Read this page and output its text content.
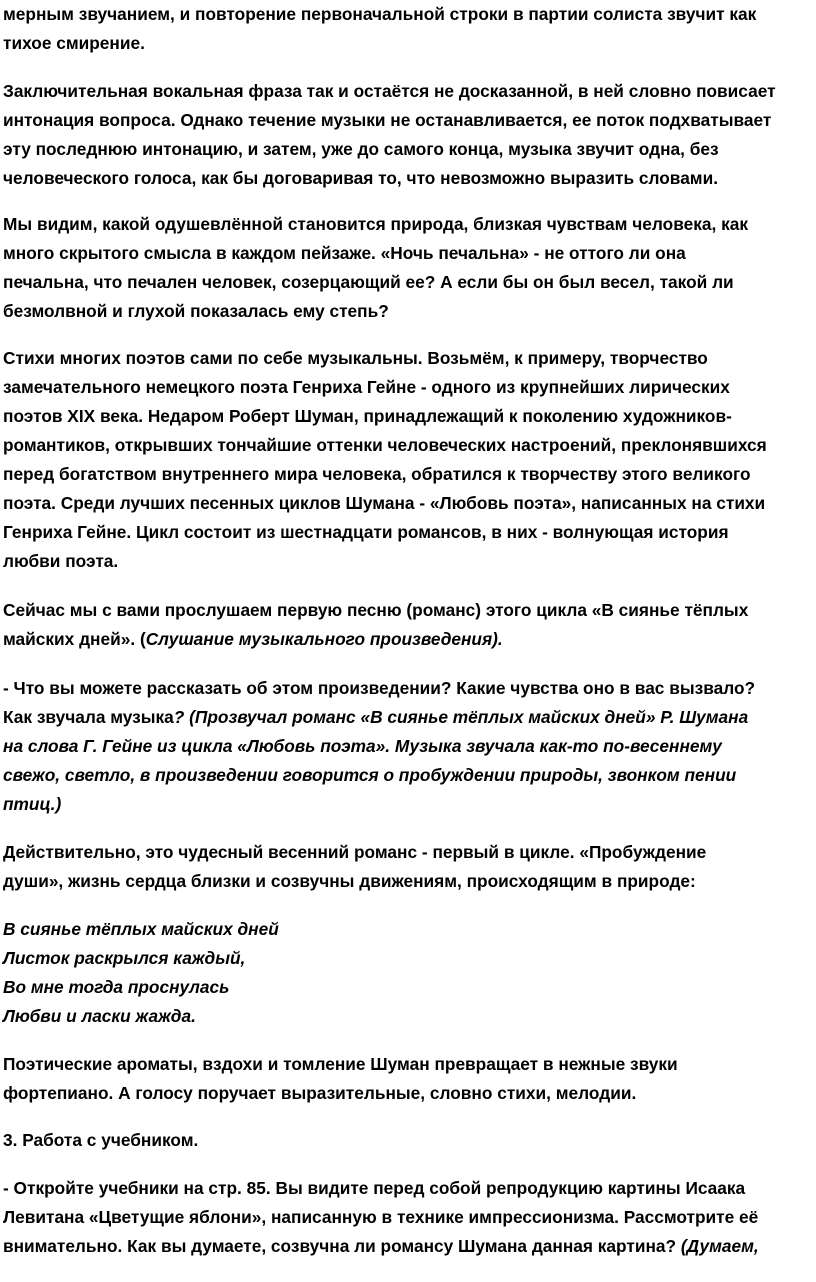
мерным звучанием, и повторение первоначальной строки в партии солиста звучит как
тихое смирение.

Заключительная вокальная фраза так и остаётся не досказанной, в ней словно повисает
интонация вопроса. Однако течение музыки не останавливается, ее поток подхватывает
эту последнюю интонацию, и затем, уже до самого конца, музыка звучит одна, без
человеческого голоса, как бы договаривая то, что невозможно выразить словами.

Мы видим, какой одушевлённой становится природа, близкая чувствам человека, как
много скрытого смысла в каждом пейзаже. «Ночь печальна» - не оттого ли она
печальна, что печален человек, созерцающий ее? А если бы он был весел, такой ли
безмолвной и глухой показалась ему степь?

Стихи многих поэтов сами по себе музыкальны. Возьмём, к примеру, творчество
замечательного немецкого поэта Генриха Гейне - одного из крупнейших лирических
поэтов XIX века. Недаром Роберт Шуман, принадлежащий к поколению художников-
романтиков, открывших тончайшие оттенки человеческих настроений, преклонявшихся
перед богатством внутреннего мира человека, обратился к творчеству этого великого
поэта. Среди лучших песенных циклов Шумана - «Любовь поэта», написанных на стихи
Генриха Гейне. Цикл состоит из шестнадцати романсов, в них - волнующая история
любви поэта.

Сейчас мы с вами прослушаем первую песню (романс) этого цикла «В сиянье тёплых
майских дней». (Слушание музыкального произведения).

- Что вы можете рассказать об этом произведении? Какие чувства оно в вас вызвало?
Как звучала музыка? (Прозвучал романс «В сиянье тёплых майских дней» Р. Шумана
на слова Г. Гейне из цикла «Любовь поэта». Музыка звучала как-то по-весеннему
свежо, светло, в произведении говорится о пробуждении природы, звонком пении
птиц.)

Действительно, это чудесный весенний романс - первый в цикле. «Пробуждение
души», жизнь сердца близки и созвучны движениям, происходящим в природе:

В сиянье тёплых майских дней
Листок раскрылся каждый,
Во мне тогда проснулась
Любви и ласки жажда.

Поэтические ароматы, вздохи и томление Шуман превращает в нежные звуки
фортепиано. А голосу поручает выразительные, словно стихи, мелодии.

3. Работа с учебником.

- Откройте учебники на стр. 85. Вы видите перед собой репродукцию картины Исаака
Левитана «Цветущие яблони», написанную в технике импрессионизма. Рассмотрите её
внимательно. Как вы думаете, созвучна ли романсу Шумана данная картина? (Думаем,
